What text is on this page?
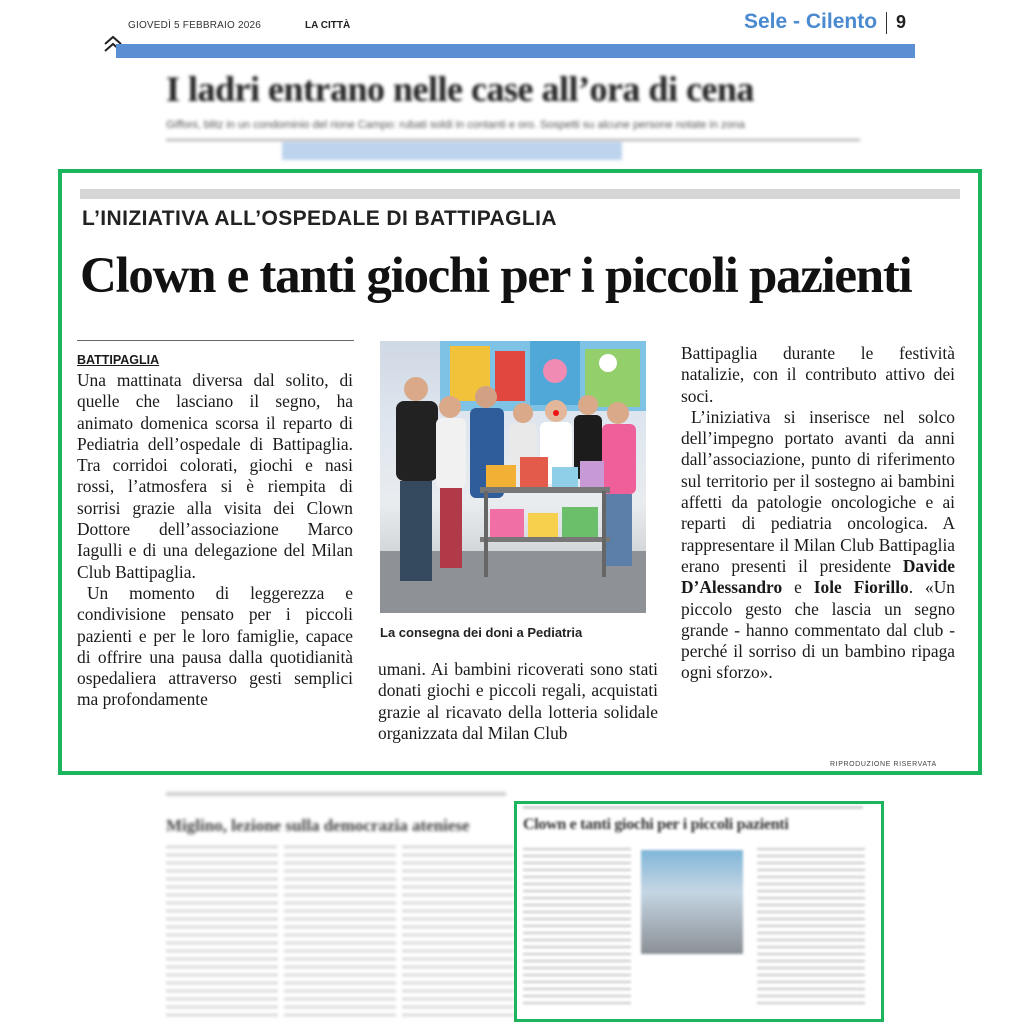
GIOVEDÌ 5 FEBBRAIO 2026	LA CITTÀ	Sele - Cilento 9
I ladri entrano nelle case all’ora di cena
Giffoni, blitz in un condominio del rione Campo: rubati soldi in contanti e oro. Sospetti su alcune persone notate in zona
L’INIZIATIVA ALL’OSPEDALE DI BATTIPAGLIA
Clown e tanti giochi per i piccoli pazienti
BATTIPAGLIA

Una mattinata diversa dal solito, di quelle che lasciano il segno, ha animato domenica scorsa il reparto di Pediatria dell’ospedale di Battipaglia. Tra corridoi colorati, giochi e nasi rossi, l’atmosfera si è riempita di sorrisi grazie alla visita dei Clown Dottore dell’associazione Marco Iagulli e di una delegazione del Milan Club Battipaglia.

Un momento di leggerezza e condivisione pensato per i piccoli pazienti e per le loro famiglie, capace di offrire una pausa dalla quotidianità ospedaliera attraverso gesti semplici ma profondamente

La consegna dei doni a Pediatria

umani. Ai bambini ricoverati sono stati donati giochi e piccoli regali, acquistati grazie al ricavato della lotteria solidale organizzata dal Milan Club

Battipaglia durante le festività natalizie, con il contributo attivo dei soci.

L’iniziativa si inserisce nel solco dell’impegno portato avanti da anni dall’associazione, punto di riferimento sul territorio per il sostegno ai bambini affetti da patologie oncologiche e ai reparti di pediatria oncologica. A rappresentare il Milan Club Battipaglia erano presenti il presidente Davide D’Alessandro e Iole Fiorillo. «Un piccolo gesto che lascia un segno grande - hanno commentato dal club - perché il sorriso di un bambino ripaga ogni sforzo».

RIPRODUZIONE RISERVATA
Miglino, lezione sulla democrazia ateniese	Clown e tanti giochi per i piccoli pazienti
